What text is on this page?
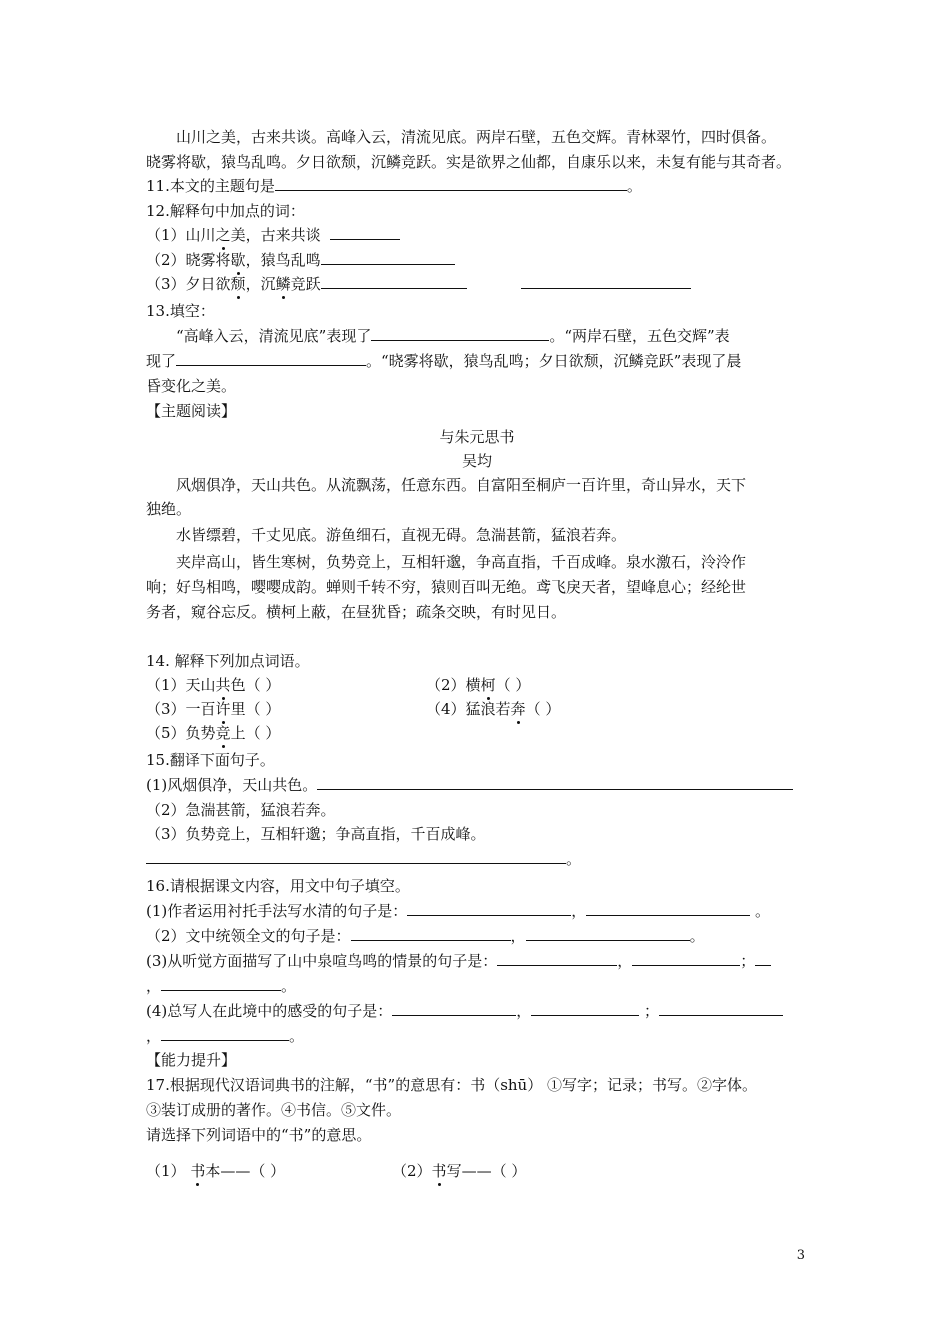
山川之美，古来共谈。高峰入云，清流见底。两岸石壁，五色交辉。青林翠竹，四时俱备。
晓雾将歇，猿鸟乱鸣。夕日欲颓，沉鳞竞跃。实是欲界之仙都，自康乐以来，未复有能与其奇者。
11.本文的主题句是	。
12.解释句中加点的词：
（1）山川之美，古来共谈
（2）晓雾将歇，猿鸟乱鸣
（3）夕日欲颓，沉鳞竞跃
13.填空：
“高峰入云，清流见底”表现了	。“两岸石壁，五色交辉”表
现了	。“晓雾将歇，猿鸟乱鸣；夕日欲颓，沉鳞竞跃”表现了晨
昏变化之美。
【主题阅读】
与朱元思书
吴均
风烟俱净，天山共色。从流飘荡，任意东西。自富阳至桐庐一百许里，奇山异水，天下
独绝。
水皆缥碧，千丈见底。游鱼细石，直视无碍。急湍甚箭，猛浪若奔。
夹岸高山，皆生寒树，负势竞上，互相轩邈，争高直指，千百成峰。泉水激石，泠泠作
响；好鸟相鸣，嘤嘤成韵。蝉则千转不穷，猿则百叫无绝。鸢飞戾天者，望峰息心；经纶世
务者，窥谷忘反。横柯上蔽，在昼犹昏；疏条交映，有时见日。
14. 解释下列加点词语。
（1）天山共色（ ）	（2）横柯（ ）
（3）一百许里（ ）	（4）猛浪若奔（ ）
（5）负势竞上（ ）
15.翻译下面句子。
(1)风烟俱净，天山共色。
（2）急湍甚箭，猛浪若奔。
（3）负势竞上，互相轩邈；争高直指，千百成峰。
。
16.请根据课文内容，用文中句子填空。
(1)作者运用衬托手法写水清的句子是：	，	。
（2）文中统领全文的句子是：	，	。
(3)从听觉方面描写了山中泉喧鸟鸣的情景的句子是：	，	；
，	。
(4)总写人在此境中的感受的句子是：	，	；
，	。
【能力提升】
17.根据现代汉语词典书的注解，“书”的意思有：书（shū） ①写字；记录；书写。②字体。
③装订成册的著作。④书信。⑤文件。
请选择下列词语中的“书”的意思。
（1） 书本——（ ）	（2）书写——（ ）
3
